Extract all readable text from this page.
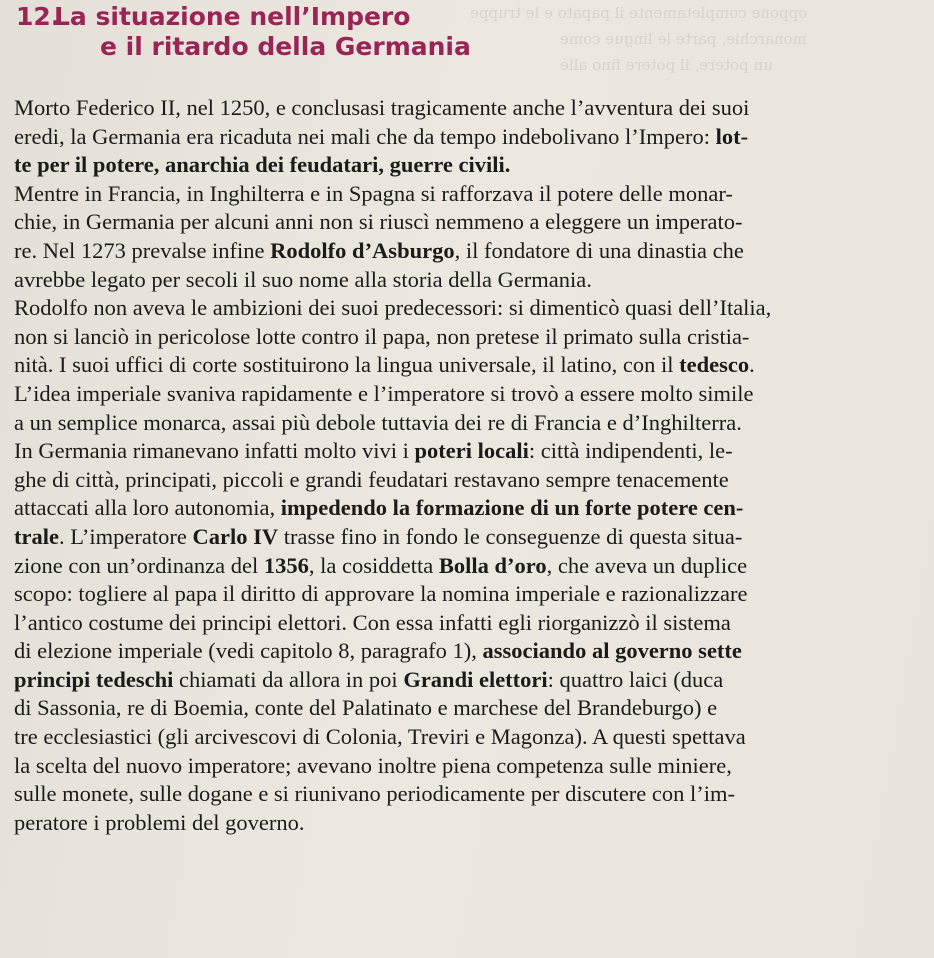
oppone completamente il papato e le truppe
monarchie, parte le lingue come
un potere, il potere fino alle
12.La situazione nell’Impero
e il ritardo della Germania
Morto Federico II, nel 1250, e conclusasi tragicamente anche l’avventura dei suoi
eredi, la Germania era ricaduta nei mali che da tempo indebolivano l’Impero: lot-
te per il potere, anarchia dei feudatari, guerre civili.
Mentre in Francia, in Inghilterra e in Spagna si rafforzava il potere delle monar-
chie, in Germania per alcuni anni non si riuscì nemmeno a eleggere un imperato-
re. Nel 1273 prevalse infine Rodolfo d’Asburgo, il fondatore di una dinastia che
avrebbe legato per secoli il suo nome alla storia della Germania.
Rodolfo non aveva le ambizioni dei suoi predecessori: si dimenticò quasi dell’Italia,
non si lanciò in pericolose lotte contro il papa, non pretese il primato sulla cristia-
nità. I suoi uffici di corte sostituirono la lingua universale, il latino, con il tedesco.
L’idea imperiale svaniva rapidamente e l’imperatore si trovò a essere molto simile
a un semplice monarca, assai più debole tuttavia dei re di Francia e d’Inghilterra.
In Germania rimanevano infatti molto vivi i poteri locali: città indipendenti, le-
ghe di città, principati, piccoli e grandi feudatari restavano sempre tenacemente
attaccati alla loro autonomia, impedendo la formazione di un forte potere cen-
trale. L’imperatore Carlo IV trasse fino in fondo le conseguenze di questa situa-
zione con un’ordinanza del 1356, la cosiddetta Bolla d’oro, che aveva un duplice
scopo: togliere al papa il diritto di approvare la nomina imperiale e razionalizzare
l’antico costume dei principi elettori. Con essa infatti egli riorganizzò il sistema
di elezione imperiale (vedi capitolo 8, paragrafo 1), associando al governo sette
principi tedeschi chiamati da allora in poi Grandi elettori: quattro laici (duca
di Sassonia, re di Boemia, conte del Palatinato e marchese del Brandeburgo) e
tre ecclesiastici (gli arcivescovi di Colonia, Treviri e Magonza). A questi spettava
la scelta del nuovo imperatore; avevano inoltre piena competenza sulle miniere,
sulle monete, sulle dogane e si riunivano periodicamente per discutere con l’im-
peratore i problemi del governo.
